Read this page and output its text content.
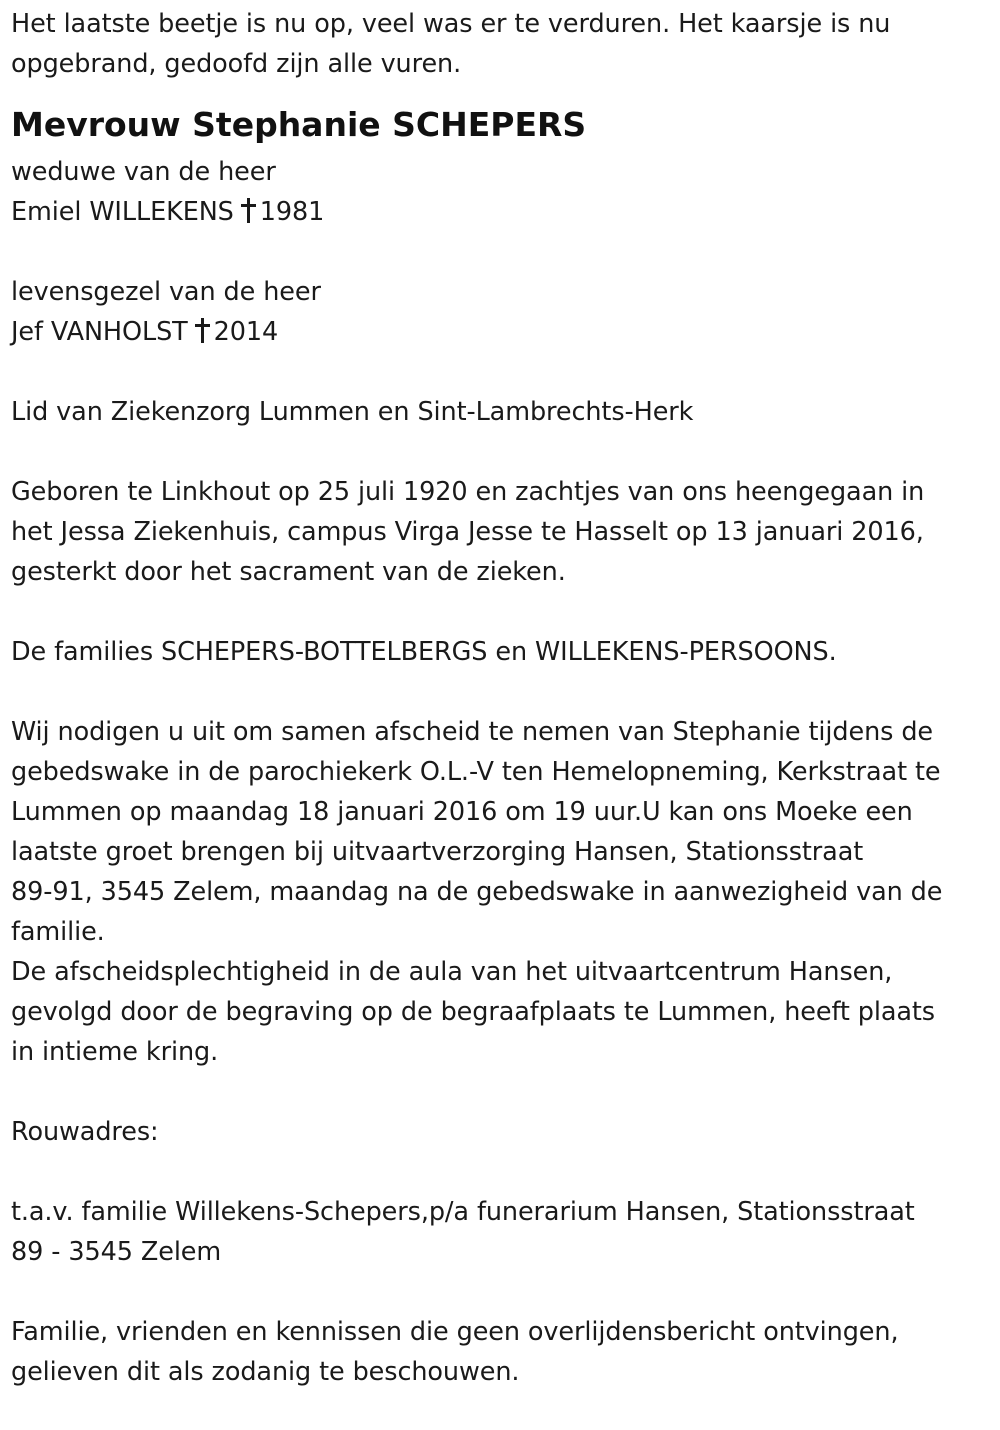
Het laatste beetje is nu op, veel was er te verduren. Het kaarsje is nu
opgebrand, gedoofd zijn alle vuren.
Mevrouw Stephanie SCHEPERS
weduwe van de heer
Emiel WILLEKENS 1981
levensgezel van de heer
Jef VANHOLST 2014
Lid van Ziekenzorg Lummen en Sint-Lambrechts-Herk
Geboren te Linkhout op 25 juli 1920 en zachtjes van ons heengegaan in
het Jessa Ziekenhuis, campus Virga Jesse te Hasselt op 13 januari 2016,
gesterkt door het sacrament van de zieken.
De families SCHEPERS-BOTTELBERGS en WILLEKENS-PERSOONS.
Wij nodigen u uit om samen afscheid te nemen van Stephanie tijdens de
gebedswake in de parochiekerk O.L.-V ten Hemelopneming, Kerkstraat te
Lummen op maandag 18 januari 2016 om 19 uur.U kan ons Moeke een
laatste groet brengen bij uitvaartverzorging Hansen, Stationsstraat
89-91, 3545 Zelem, maandag na de gebedswake in aanwezigheid van de
familie.
De afscheidsplechtigheid in de aula van het uitvaartcentrum Hansen,
gevolgd door de begraving op de begraafplaats te Lummen, heeft plaats
in intieme kring.
Rouwadres:
t.a.v. familie Willekens-Schepers,p/a funerarium Hansen, Stationsstraat
89 - 3545 Zelem
Familie, vrienden en kennissen die geen overlijdensbericht ontvingen,
gelieven dit als zodanig te beschouwen.
